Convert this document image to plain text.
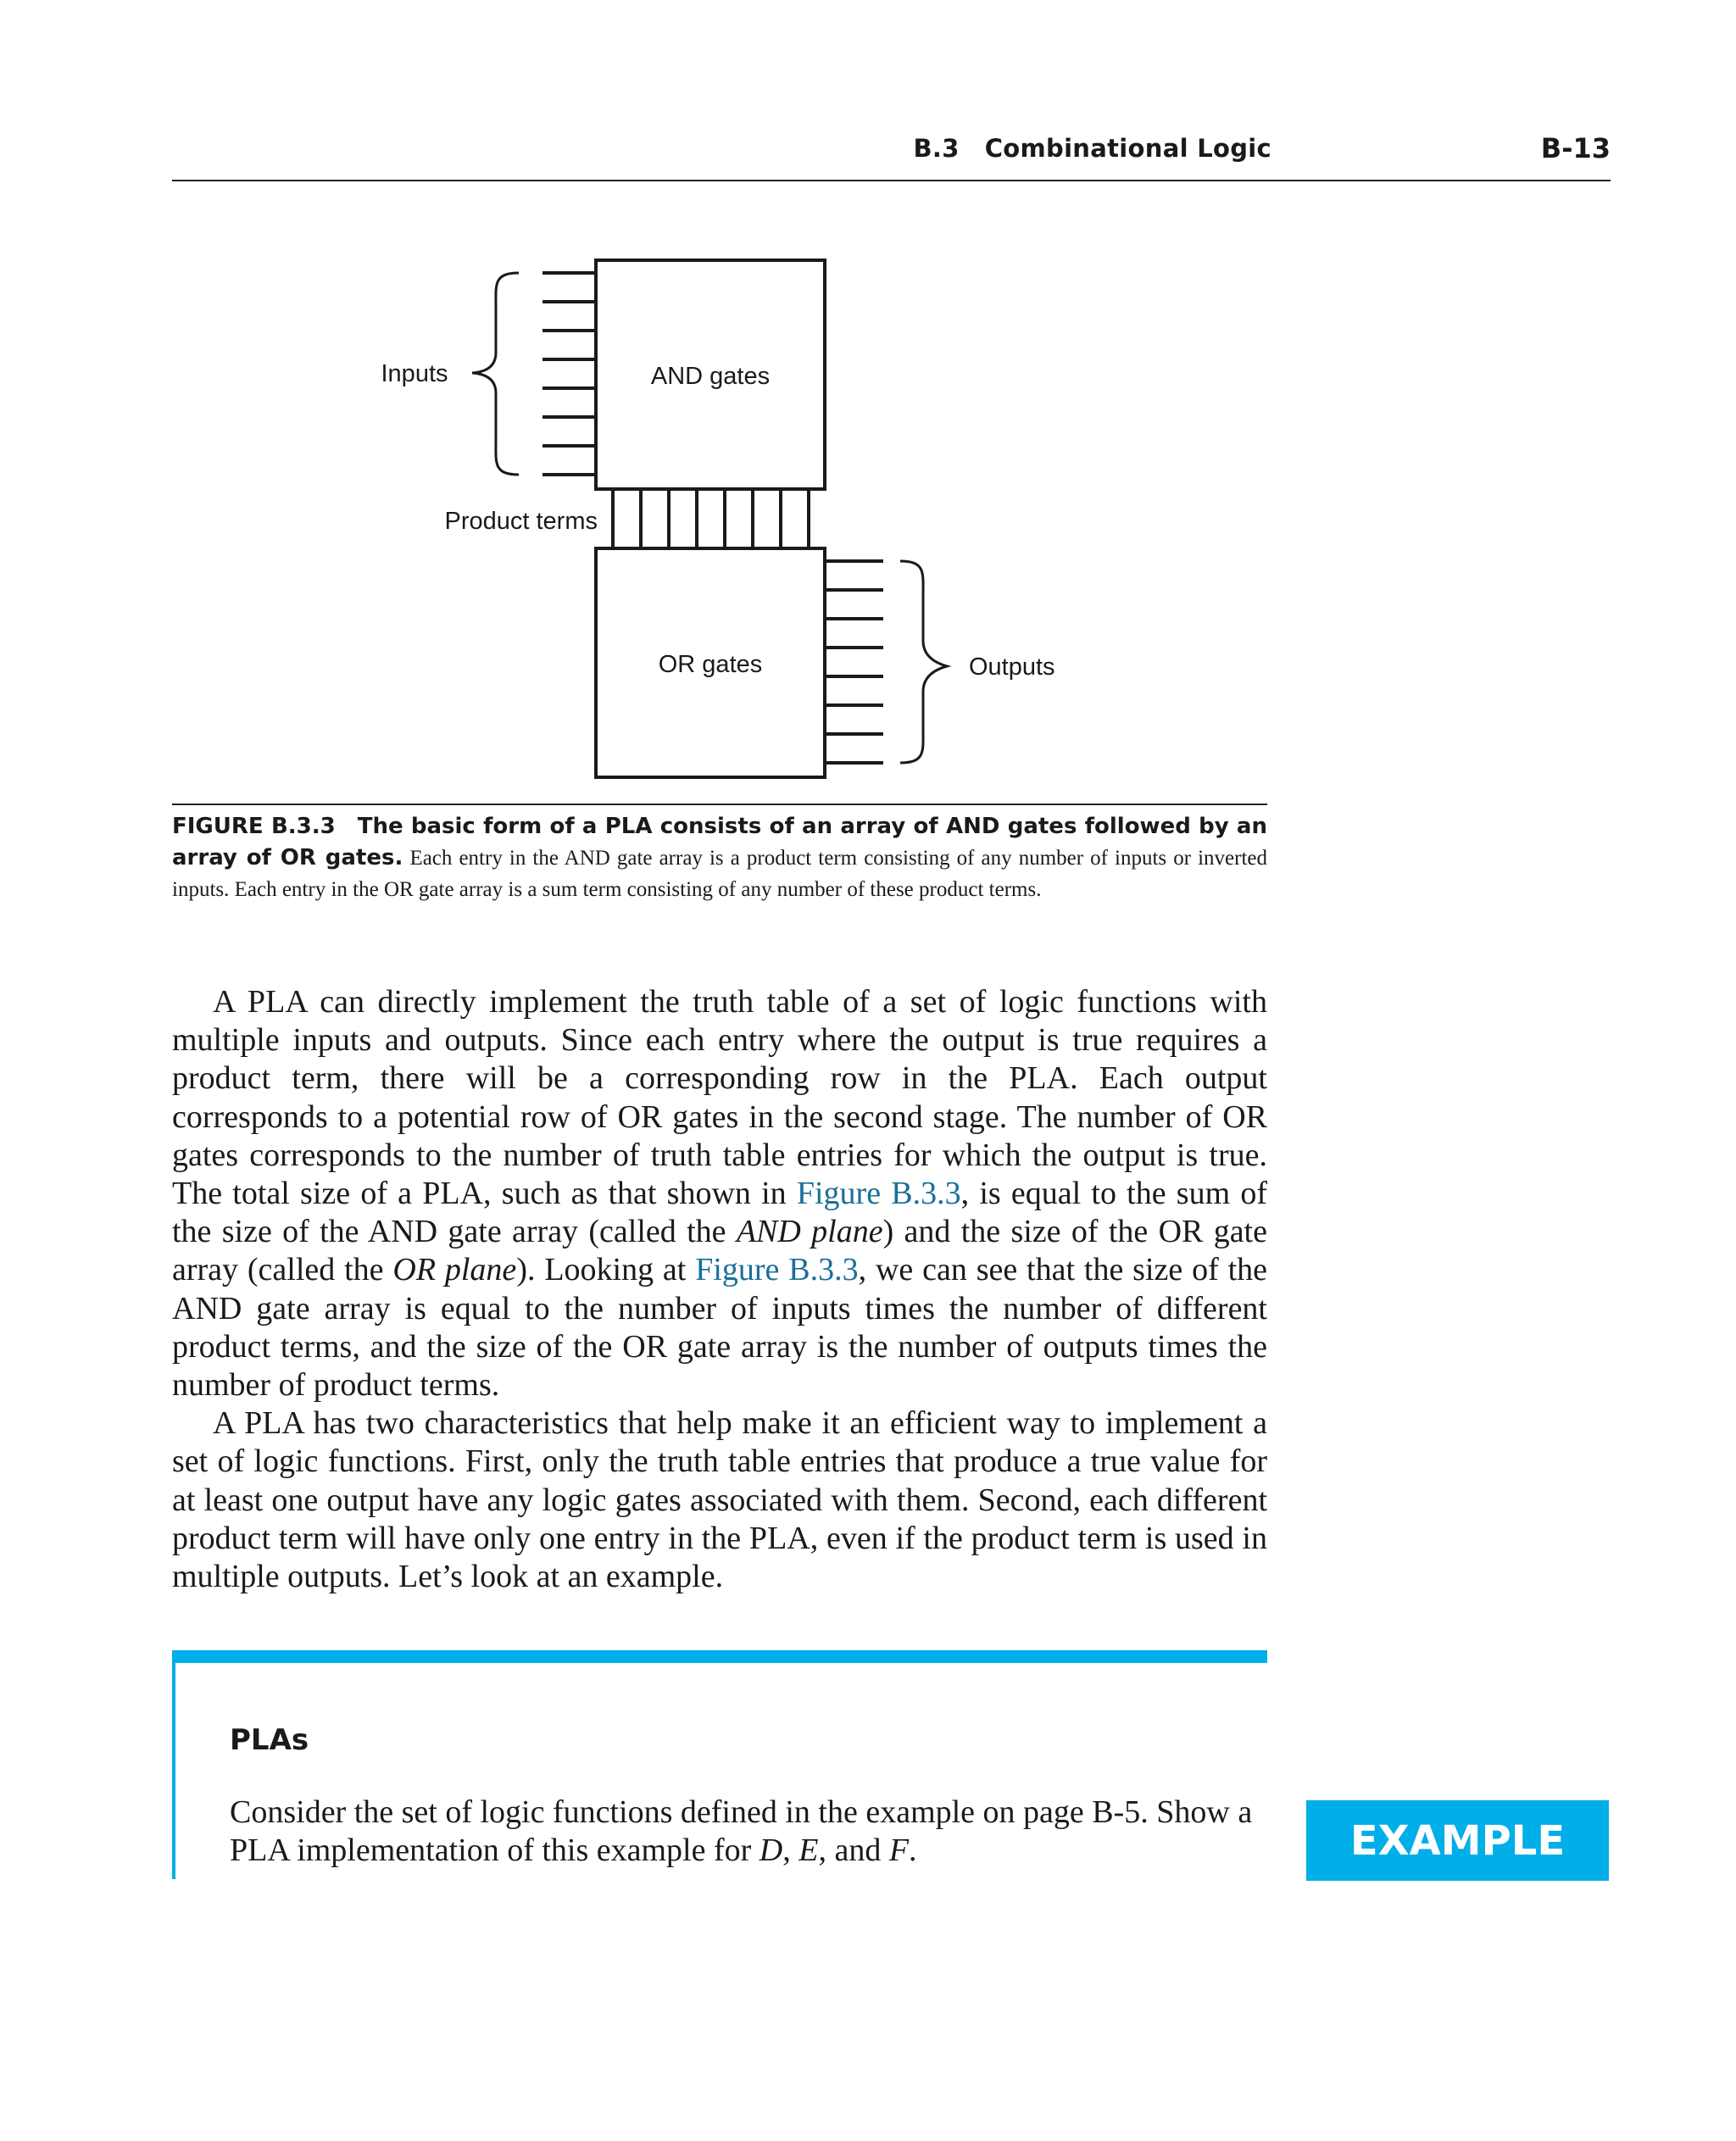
B.3 Combinational Logic	B-13
Inputs	AND gates
Product terms
OR gates	Outputs
FIGURE B.3.3 The basic form of a PLA consists of an array of AND gates followed by an array of OR gates. Each entry in the AND gate array is a product term consisting of any number of inputs or inverted inputs. Each entry in the OR gate array is a sum term consisting of any number of these product terms.

A PLA can directly implement the truth table of a set of logic functions with multiple inputs and outputs. Since each entry where the output is true requires a product term, there will be a corresponding row in the PLA. Each output corresponds to a potential row of OR gates in the second stage. The number of OR gates corresponds to the number of truth table entries for which the output is true. The total size of a PLA, such as that shown in Figure B.3.3, is equal to the sum of the size of the AND gate array (called the AND plane) and the size of the OR gate array (called the OR plane). Looking at Figure B.3.3, we can see that the size of the AND gate array is equal to the number of inputs times the number of different product terms, and the size of the OR gate array is the number of outputs times the number of product terms.

A PLA has two characteristics that help make it an efficient way to implement a set of logic functions. First, only the truth table entries that produce a true value for at least one output have any logic gates associated with them. Second, each different product term will have only one entry in the PLA, even if the product term is used in multiple outputs. Let’s look at an example.

PLAs
Consider the set of logic functions defined in the example on page B-5. Show a PLA implementation of this example for D, E, and F.	EXAMPLE
